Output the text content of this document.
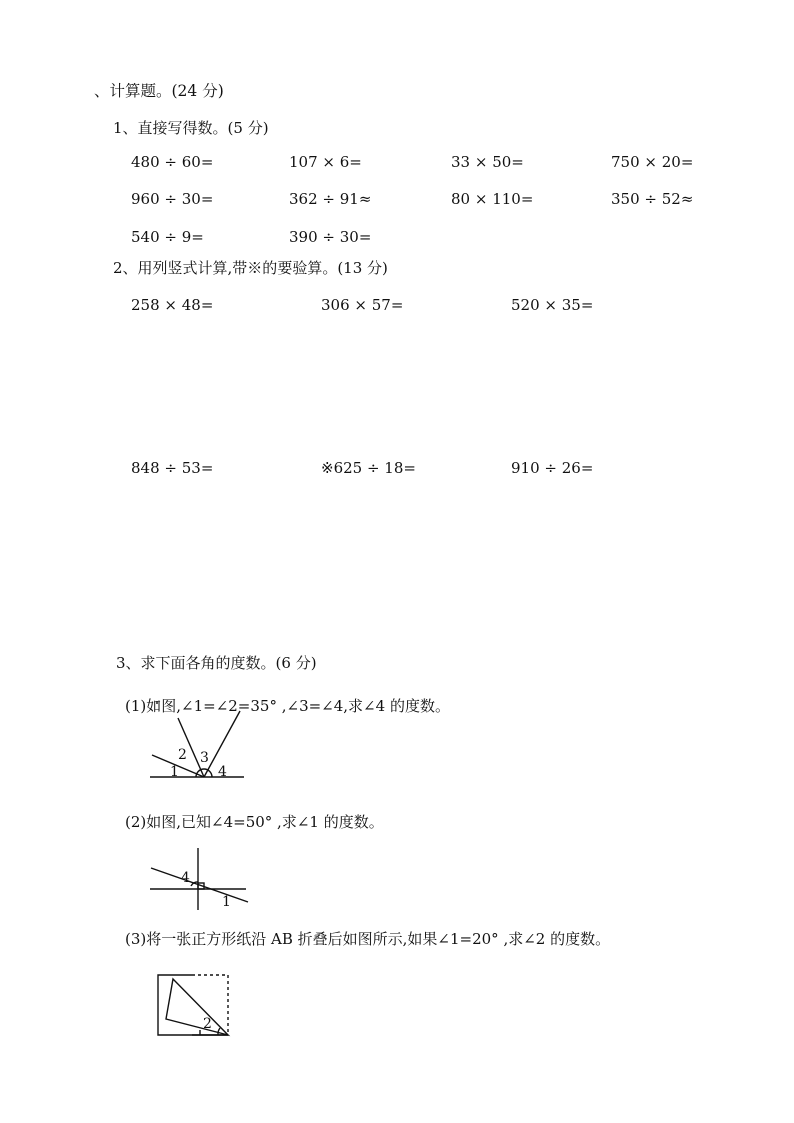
、计算题。(24 分)
1、直接写得数。(5 分)
480 ÷ 60=	107 × 6=	33 × 50=	750 × 20=
960 ÷ 30=	362 ÷ 91≈	80 × 110=	350 ÷ 52≈
540 ÷ 9=	390 ÷ 30=
2、用列竖式计算,带※的要验算。(13 分)
258 × 48=	306 × 57=	520 × 35=
848 ÷ 53=	※625 ÷ 18=	910 ÷ 26=
3、求下面各角的度数。(6 分)
(1)如图,∠1=∠2=35° ,∠3=∠4,求∠4 的度数。
1
2 3
4
(2)如图,已知∠4=50° ,求∠1 的度数。
4
1
(3)将一张正方形纸沿 AB 折叠后如图所示,如果∠1=20° ,求∠2 的度数。
2
